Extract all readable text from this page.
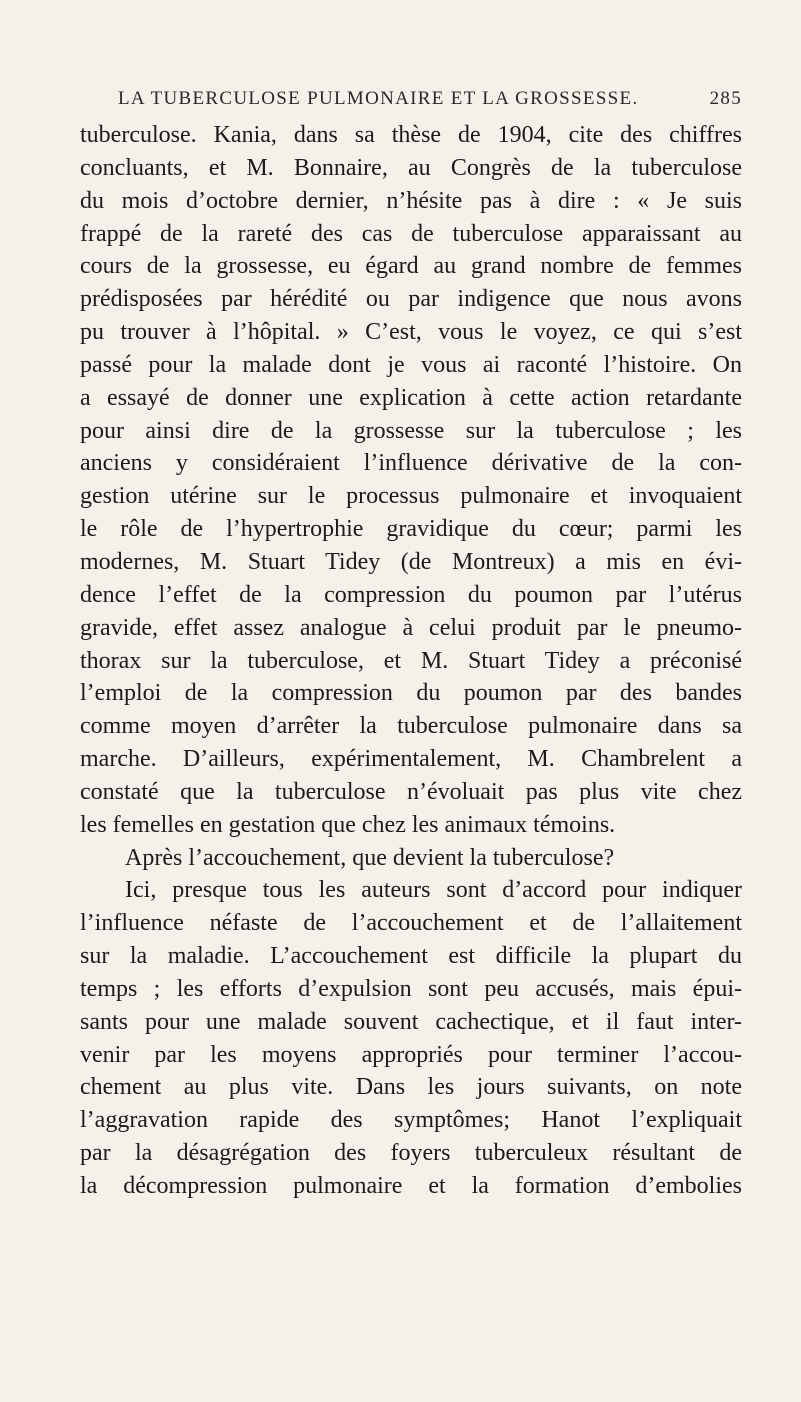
LA TUBERCULOSE PULMONAIRE ET LA GROSSESSE.	285
tuberculose. Kania, dans sa thèse de 1904, cite des chiffres
concluants, et M. Bonnaire, au Congrès de la tuberculose
du mois d’octobre dernier, n’hésite pas à dire : « Je suis
frappé de la rareté des cas de tuberculose apparaissant au
cours de la grossesse, eu égard au grand nombre de femmes
prédisposées par hérédité ou par indigence que nous avons
pu trouver à l’hôpital. » C’est, vous le voyez, ce qui s’est
passé pour la malade dont je vous ai raconté l’histoire. On
a essayé de donner une explication à cette action retardante
pour ainsi dire de la grossesse sur la tuberculose ; les
anciens y considéraient l’influence dérivative de la con-
gestion utérine sur le processus pulmonaire et invoquaient
le rôle de l’hypertrophie gravidique du cœur; parmi les
modernes, M. Stuart Tidey (de Montreux) a mis en évi-
dence l’effet de la compression du poumon par l’utérus
gravide, effet assez analogue à celui produit par le pneumo-
thorax sur la tuberculose, et M. Stuart Tidey a préconisé
l’emploi de la compression du poumon par des bandes
comme moyen d’arrêter la tuberculose pulmonaire dans sa
marche. D’ailleurs, expérimentalement, M. Chambrelent a
constaté que la tuberculose n’évoluait pas plus vite chez
les femelles en gestation que chez les animaux témoins.
Après l’accouchement, que devient la tuberculose?
Ici, presque tous les auteurs sont d’accord pour indiquer
l’influence néfaste de l’accouchement et de l’allaitement
sur la maladie. L’accouchement est difficile la plupart du
temps ; les efforts d’expulsion sont peu accusés, mais épui-
sants pour une malade souvent cachectique, et il faut inter-
venir par les moyens appropriés pour terminer l’accou-
chement au plus vite. Dans les jours suivants, on note
l’aggravation rapide des symptômes; Hanot l’expliquait
par la désagrégation des foyers tuberculeux résultant de
la décompression pulmonaire et la formation d’embolies
